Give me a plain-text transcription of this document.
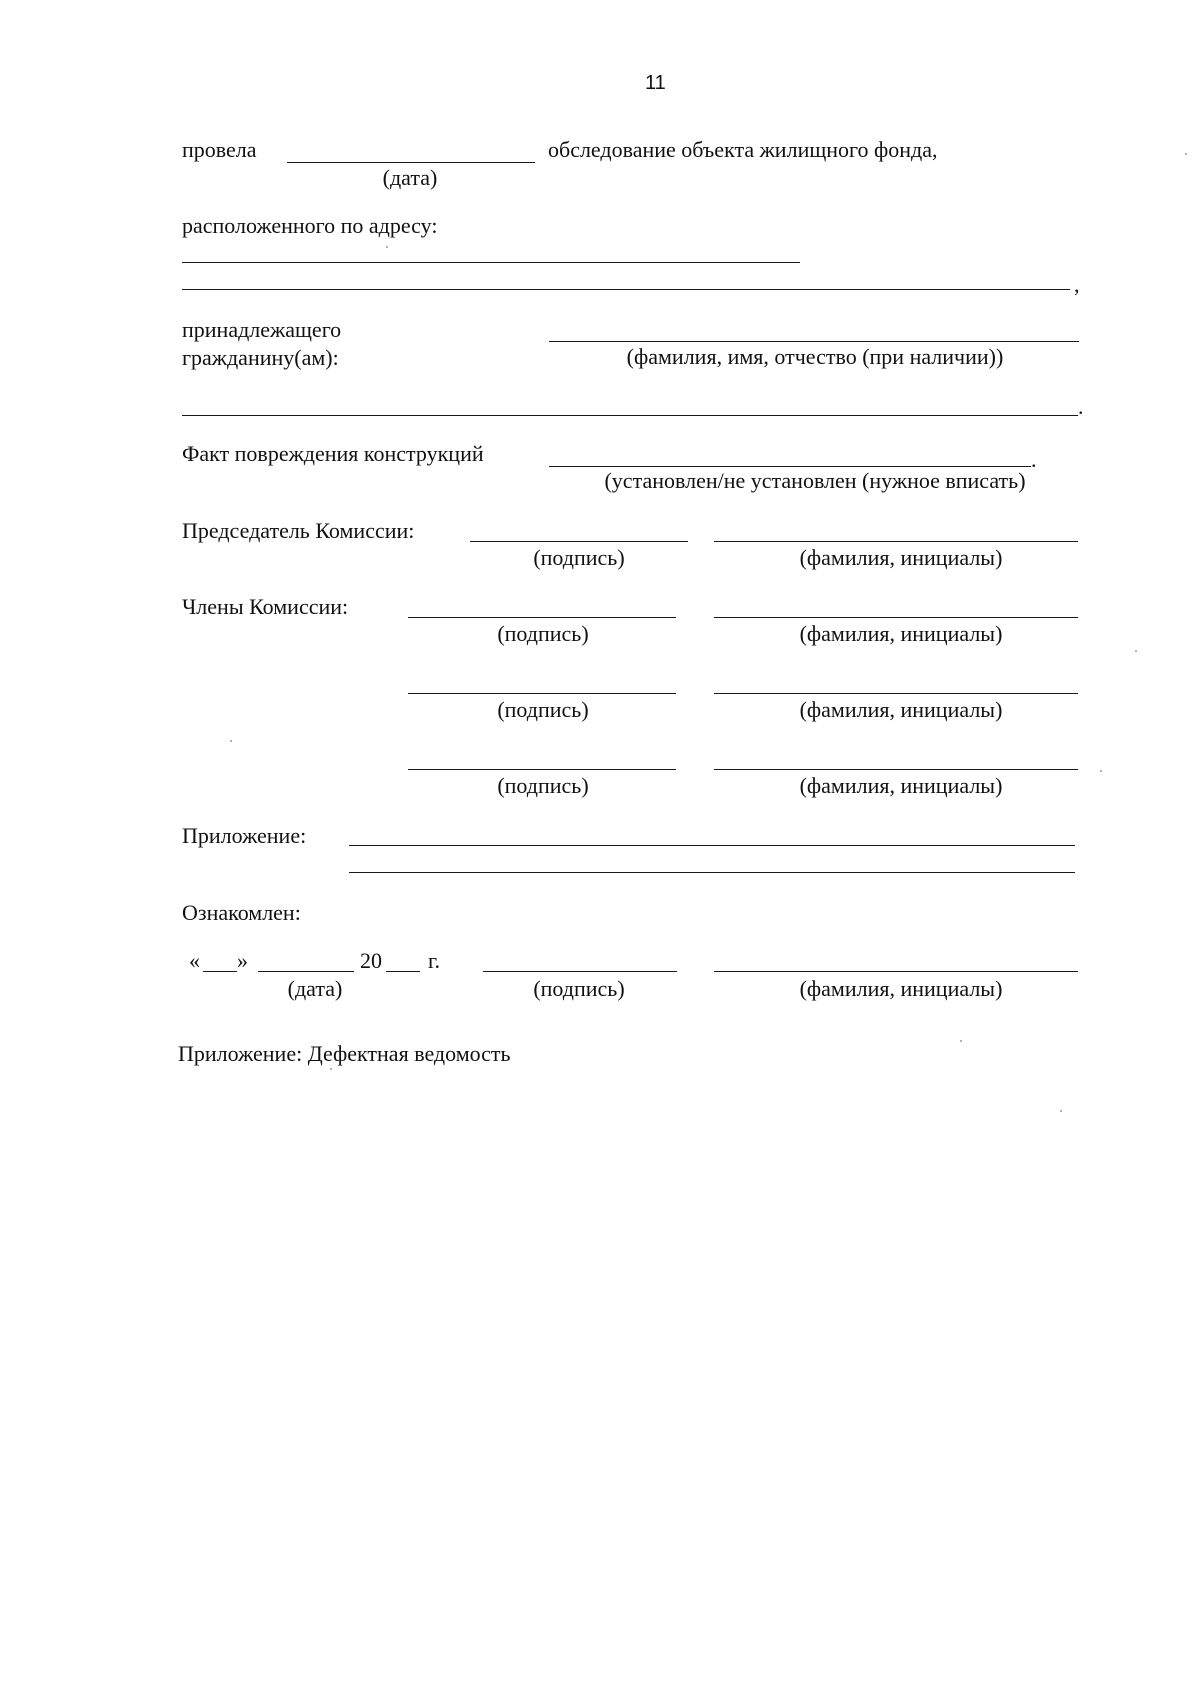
11
провела
(дата)
обследование объекта жилищного фонда,
расположенного по адресу:
,
принадлежащего
гражданину(ам):	(фамилия, имя, отчество (при наличии))
.
Факт повреждения конструкций	.
(установлен/не установлен (нужное вписать)
Председатель Комиссии:
(подпись)	(фамилия, инициалы)
Члены Комиссии:
(подпись)	(фамилия, инициалы)
(подпись)	(фамилия, инициалы)
(подпись)	(фамилия, инициалы)
Приложение:
Ознакомлен:
« »	20 г.
(дата)	(подпись)	(фамилия, инициалы)
Приложение: Дефектная ведомость
